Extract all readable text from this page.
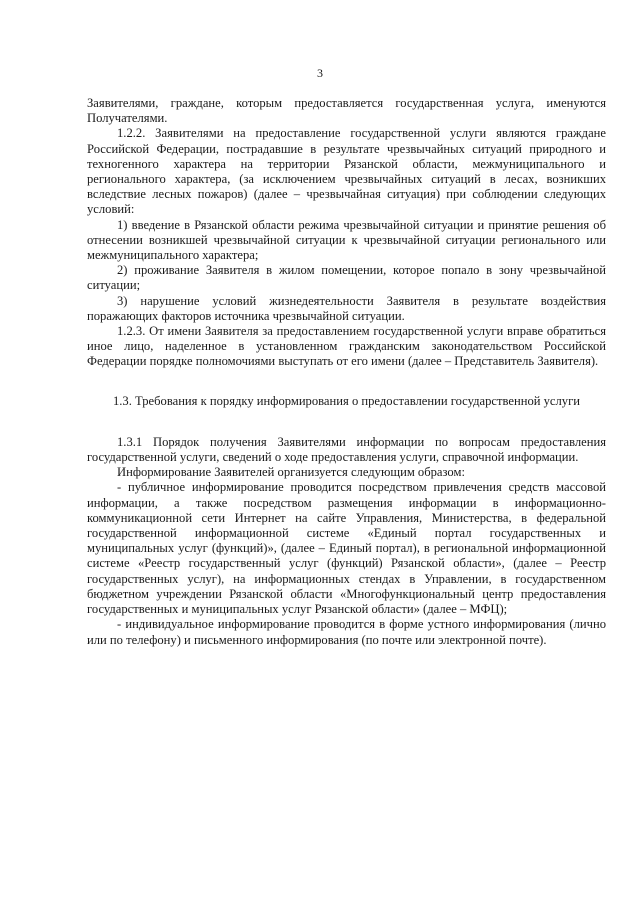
3

Заявителями, граждане, которым предоставляется государственная услуга, именуются Получателями.

1.2.2. Заявителями на предоставление государственной услуги являются граждане Российской Федерации, пострадавшие в результате чрезвычайных ситуаций природного и техногенного характера на территории Рязанской области, межмуниципального и регионального характера, (за исключением чрезвычайных ситуаций в лесах, возникших вследствие лесных пожаров) (далее – чрезвычайная ситуация) при соблюдении следующих условий:

1) введение в Рязанской области режима чрезвычайной ситуации и принятие решения об отнесении возникшей чрезвычайной ситуации к чрезвычайной ситуации регионального или межмуниципального характера;

2) проживание Заявителя в жилом помещении, которое попало в зону чрезвычайной ситуации;

3) нарушение условий жизнедеятельности Заявителя в результате воздействия поражающих факторов источника чрезвычайной ситуации.

1.2.3. От имени Заявителя за предоставлением государственной услуги вправе обратиться иное лицо, наделенное в установленном гражданским законодательством Российской Федерации порядке полномочиями выступать от его имени (далее – Представитель Заявителя).

1.3. Требования к порядку информирования о предоставлении государственной услуги

1.3.1 Порядок получения Заявителями информации по вопросам предоставления государственной услуги, сведений о ходе предоставления услуги, справочной информации.

Информирование Заявителей организуется следующим образом:

- публичное информирование проводится посредством привлечения средств массовой информации, а также посредством размещения информации в информационно-коммуникационной сети Интернет на сайте Управления, Министерства, в федеральной государственной информационной системе «Единый портал государственных и муниципальных услуг (функций)», (далее – Единый портал), в региональной информационной системе «Реестр государственный услуг (функций) Рязанской области», (далее – Реестр государственных услуг), на информационных стендах в Управлении, в государственном бюджетном учреждении Рязанской области «Многофункциональный центр предоставления государственных и муниципальных услуг Рязанской области» (далее – МФЦ);

- индивидуальное информирование проводится в форме устного информирования (лично или по телефону) и письменного информирования (по почте или электронной почте).
